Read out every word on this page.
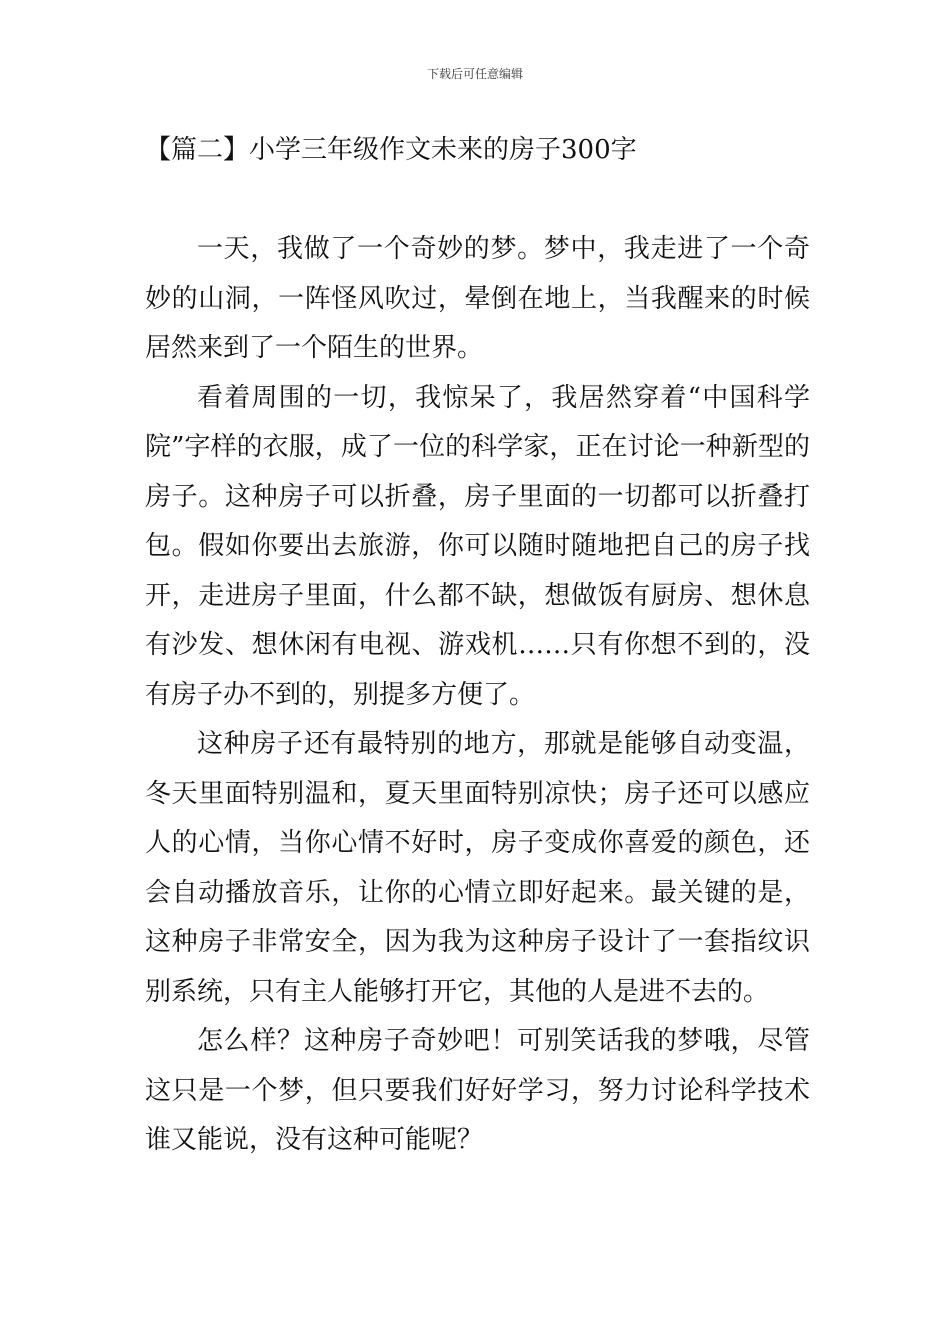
下载后可任意编辑
【篇二】小学三年级作文未来的房子300字

一天，我做了一个奇妙的梦。梦中，我走进了一个奇妙的山洞，一阵怪风吹过，晕倒在地上，当我醒来的时候居然来到了一个陌生的世界。

看着周围的一切，我惊呆了，我居然穿着“中国科学院”字样的衣服，成了一位的科学家，正在讨论一种新型的房子。这种房子可以折叠，房子里面的一切都可以折叠打包。假如你要出去旅游，你可以随时随地把自己的房子找开，走进房子里面，什么都不缺，想做饭有厨房、想休息有沙发、想休闲有电视、游戏机……只有你想不到的，没有房子办不到的，别提多方便了。

这种房子还有最特别的地方，那就是能够自动变温，冬天里面特别温和，夏天里面特别凉快；房子还可以感应人的心情，当你心情不好时，房子变成你喜爱的颜色，还会自动播放音乐，让你的心情立即好起来。最关键的是，这种房子非常安全，因为我为这种房子设计了一套指纹识别系统，只有主人能够打开它，其他的人是进不去的。

怎么样？这种房子奇妙吧！可别笑话我的梦哦，尽管这只是一个梦，但只要我们好好学习，努力讨论科学技术谁又能说，没有这种可能呢？
